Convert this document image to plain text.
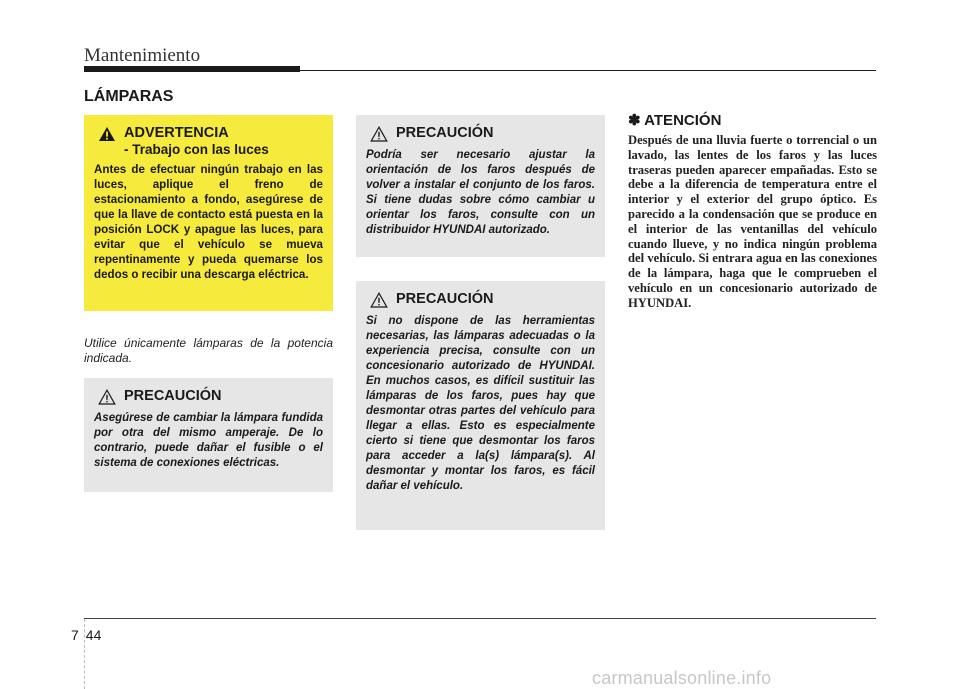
Mantenimiento
LÁMPARAS
ADVERTENCIA
- Trabajo con las luces
Antes de efectuar ningún trabajo en las luces, aplique el freno de estacionamiento a fondo, asegúrese de que la llave de contacto está puesta en la posición LOCK y apague las luces, para evitar que el vehículo se mueva repentinamente y pueda quemarse los dedos o recibir una descarga eléctrica.
Utilice únicamente lámparas de la potencia indicada.
PRECAUCIÓN
Asegúrese de cambiar la lámpara fundida por otra del mismo amperaje. De lo contrario, puede dañar el fusible o el sistema de conexiones eléctricas.
PRECAUCIÓN
Podría ser necesario ajustar la orientación de los faros después de volver a instalar el conjunto de los faros. Si tiene dudas sobre cómo cambiar u orientar los faros, consulte con un distribuidor HYUNDAI autorizado.
PRECAUCIÓN
Si no dispone de las herramientas necesarias, las lámparas adecuadas o la experiencia precisa, consulte con un concesionario autorizado de HYUNDAI. En muchos casos, es difícil sustituir las lámparas de los faros, pues hay que desmontar otras partes del vehículo para llegar a ellas. Esto es especialmente cierto si tiene que desmontar los faros para acceder a la(s) lámpara(s). Al desmontar y montar los faros, es fácil dañar el vehículo.
✽ ATENCIÓN
Después de una lluvia fuerte o torrencial o un lavado, las lentes de los faros y las luces traseras pueden aparecer empañadas. Esto se debe a la diferencia de temperatura entre el interior y el exterior del grupo óptico. Es parecido a la condensación que se produce en el interior de las ventanillas del vehículo cuando llueve, y no indica ningún problema del vehículo. Si entrara agua en las conexiones de la lámpara, haga que le comprueben el vehículo en un concesionario autorizado de HYUNDAI.
7 44
carmanualsonline.info
